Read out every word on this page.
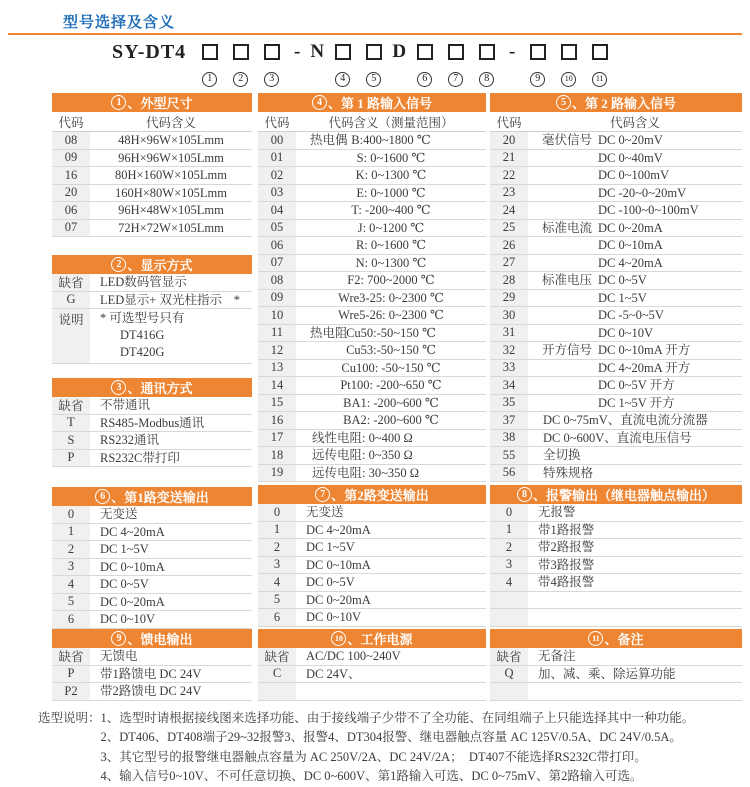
型号选择及含义
SY-DT4
1	2	3
- N
4	5
D
6	7	8
-
9	10	11
1 、外型尺寸
代码	代码含义
08	48H×96W×105Lmm
09	96H×96W×105Lmm
16	80H×160W×105Lmm
20	160H×80W×105Lmm
06	96H×48W×105Lmm
07	72H×72W×105Lmm
2 、显示方式
缺省	LED数码管显示
G	LED显示+ 双光柱指示 *
说明	* 可选型号只有
DT416G
DT420G
3 、通讯方式
缺省	不带通讯
T	RS485-Modbus通讯
S	RS232通讯
P	RS232C带打印
4 、第 1 路输入信号
代码	代码含义（测量范围）
00	热电偶 B:400~1800 ℃
01	S: 0~1600 ℃
02	K: 0~1300 ℃
03	E: 0~1000 ℃
04	T: -200~400 ℃
05	J: 0~1200 ℃
06	R: 0~1600 ℃
07	N: 0~1300 ℃
08	F2: 700~2000 ℃
09	Wre3-25: 0~2300 ℃
10	Wre5-26: 0~2300 ℃
11	热电阻
Cu50:-50~150 ℃
12	Cu53:-50~150 ℃
13	Cu100: -50~150 ℃
14	Pt100: -200~650 ℃
15	BA1: -200~600 ℃
16	BA2: -200~600 ℃
17	线性电阻: 0~400 Ω
18	远传电阻: 0~350 Ω
19	远传电阻: 30~350 Ω
5 、第 2 路输入信号
代码	代码含义
20	毫伏信号 DC 0~20mV
21	DC 0~40mV
22	DC 0~100mV
23	DC -20~0~20mV
24	DC -100~0~100mV
25	标准电流 DC 0~20mA
26	DC 0~10mA
27	DC 4~20mA
28	标准电压 DC 0~5V
29	DC 1~5V
30	DC -5~0~5V
31	DC 0~10V
32	开方信号 DC 0~10mA 开方
33	DC 4~20mA 开方
34	DC 0~5V 开方
35	DC 1~5V 开方
37	DC 0~75mV、直流电流分流器
38	DC 0~600V、直流电压信号
55	全切换
56	特殊规格
6 、第1路变送输出
0	无变送
1	DC 4~20mA
2	DC 1~5V
3	DC 0~10mA
4	DC 0~5V
5	DC 0~20mA
6	DC 0~10V
7 、第2路变送输出
0	无变送
1	DC 4~20mA
2	DC 1~5V
3	DC 0~10mA
4	DC 0~5V
5	DC 0~20mA
6	DC 0~10V
8 、报警输出（继电器触点输出）
0	无报警
1	带1路报警
2	带2路报警
3	带3路报警
4	带4路报警
9 、馈电输出
缺省	无馈电
P	带1路馈电 DC 24V
P2	带2路馈电 DC 24V
10 、工作电源
缺省	AC/DC 100~240V
C	DC 24V、
11 、备注
缺省	无备注
Q	加、减、乘、除运算功能
选型说明： 1、选型时请根据接线图来选择功能、由于接线端子少带不了全功能、在同组端子上只能选择其中一种功能。
2、DT406、DT408端子29~32报警3、报警4、DT304报警、继电器触点容量 AC 125V/0.5A、DC 24V/0.5A。
3、其它型号的报警继电器触点容量为 AC 250V/2A、DC 24V/2A；　DT407不能选择RS232C带打印。
4、输入信号0~10V、不可任意切换、DC 0~600V、第1路输入可选、DC 0~75mV、第2路输入可选。
